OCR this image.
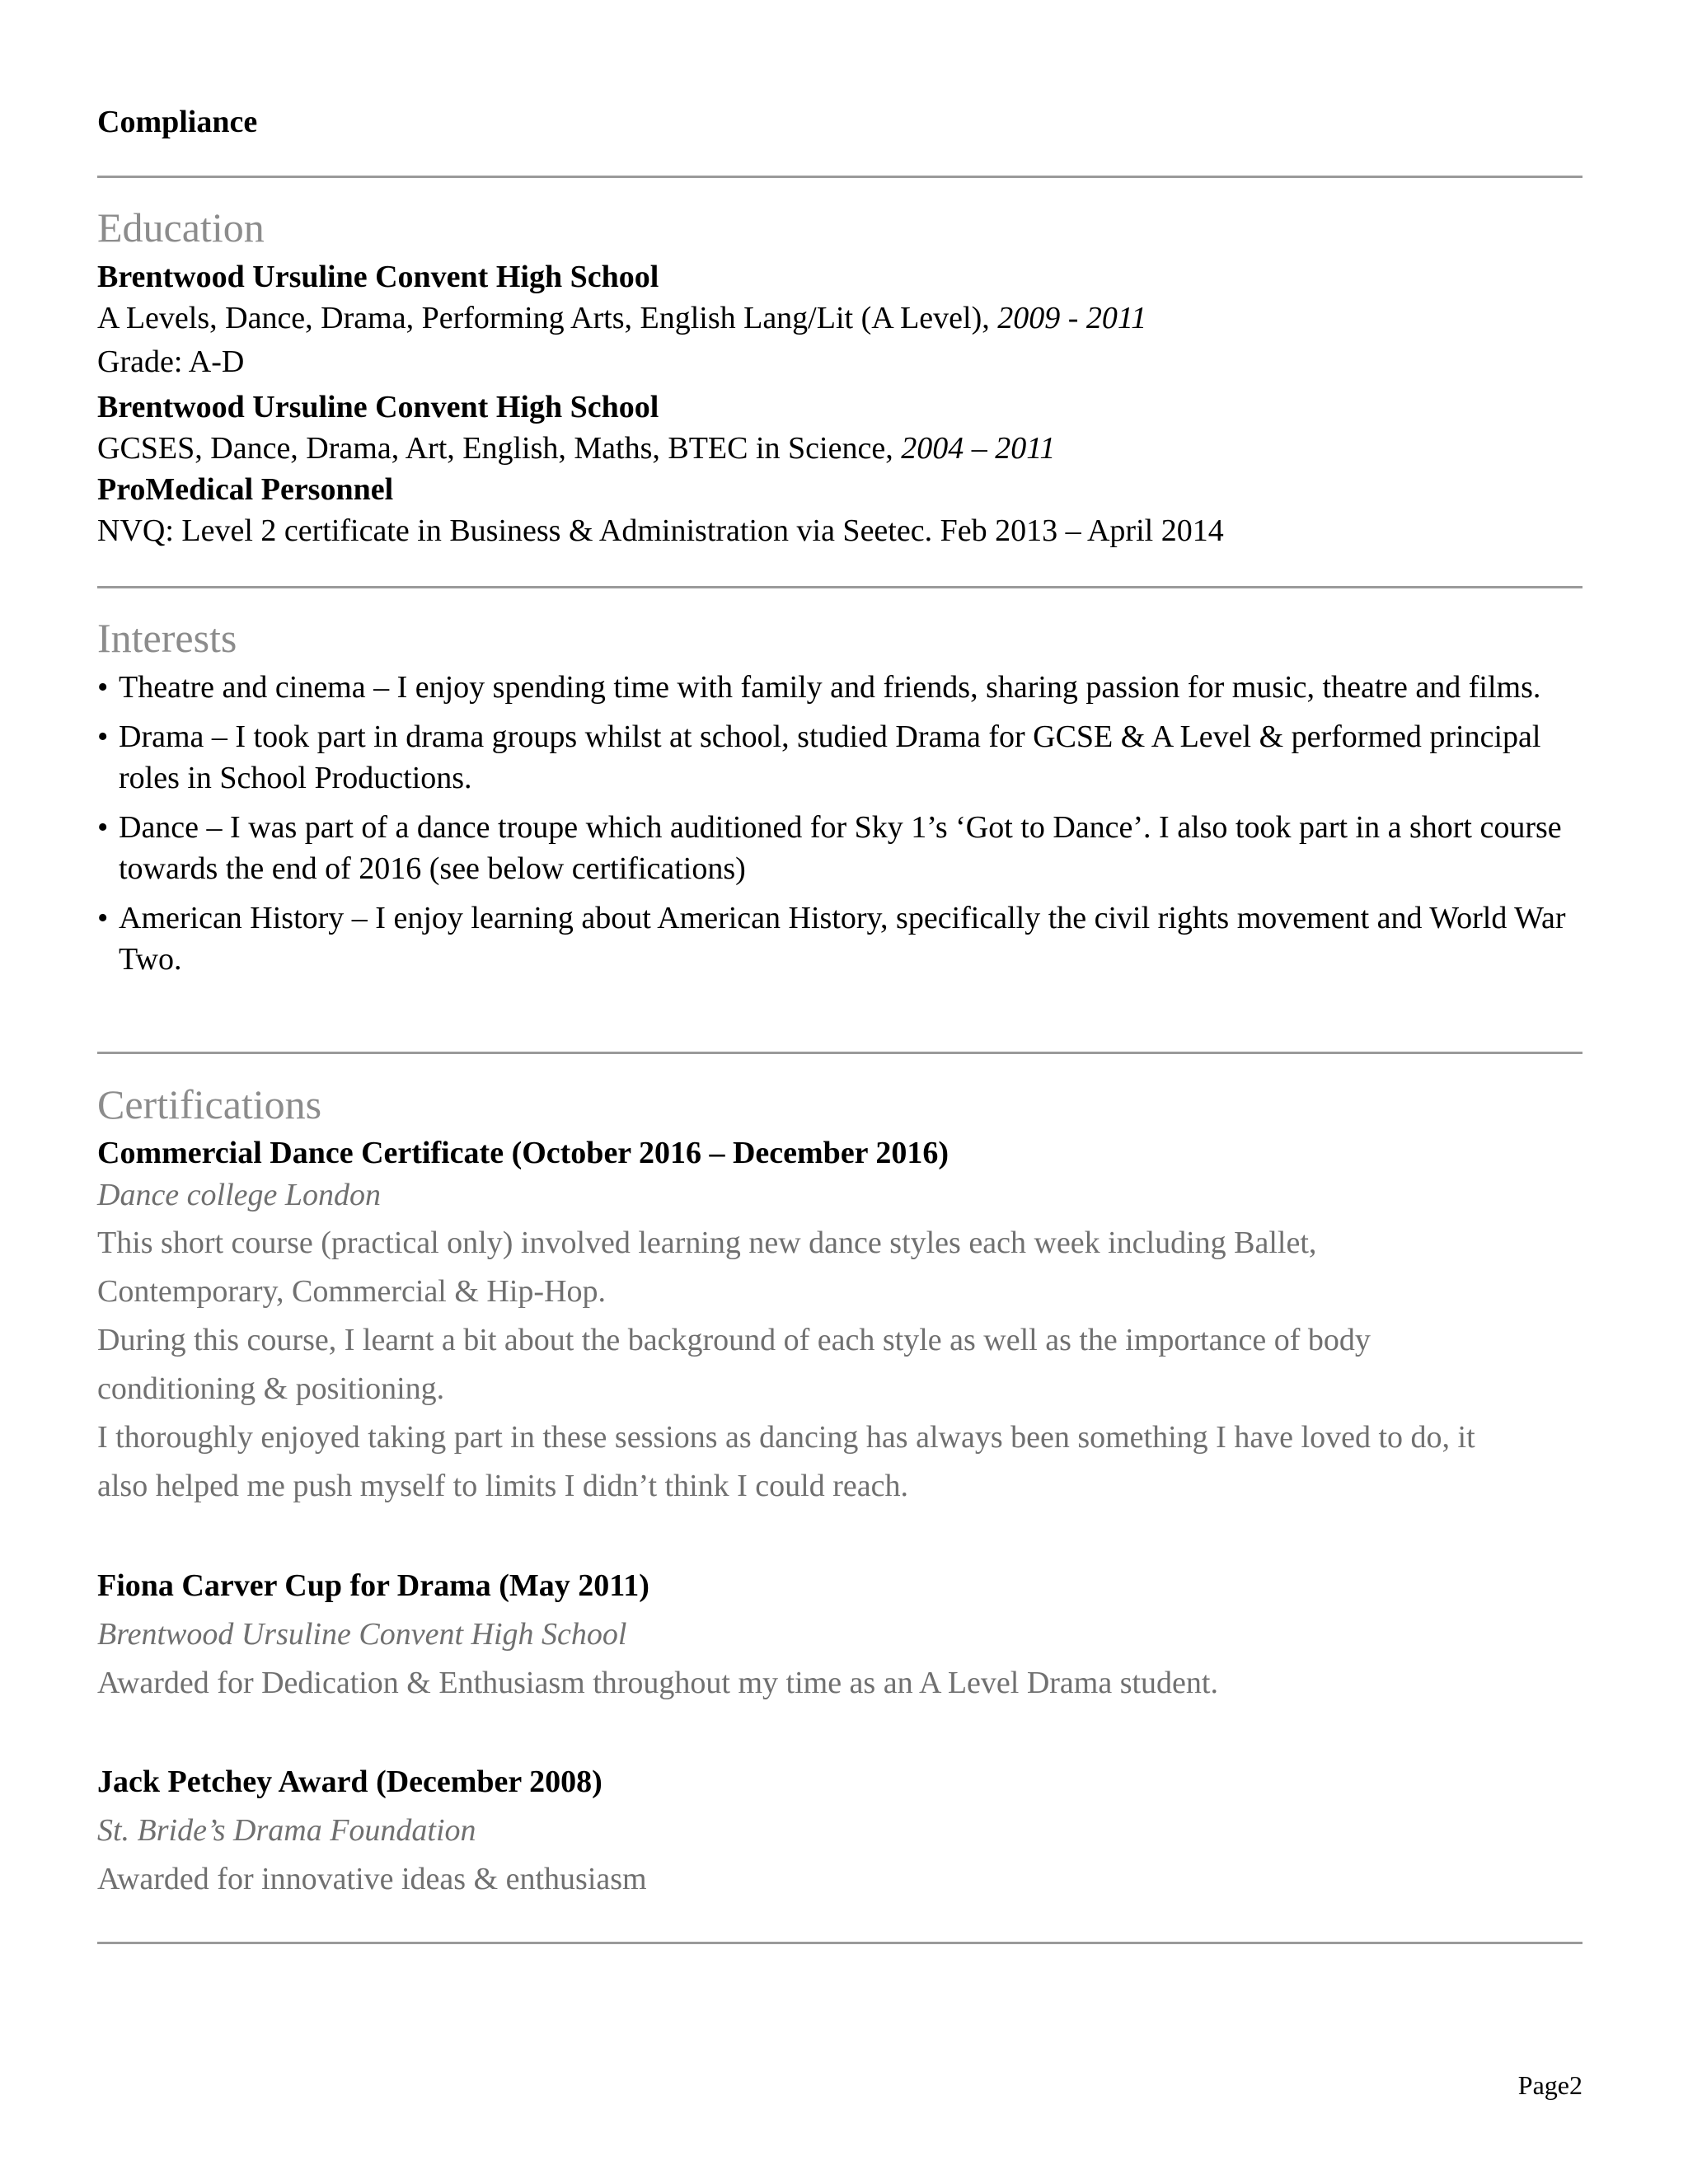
Compliance
Education
Brentwood Ursuline Convent High School
A Levels, Dance, Drama, Performing Arts, English Lang/Lit (A Level), 2009 - 2011
Grade: A-D
Brentwood Ursuline Convent High School
GCSES, Dance, Drama, Art, English, Maths, BTEC in Science, 2004 – 2011
ProMedical Personnel
NVQ: Level 2 certificate in Business & Administration via Seetec. Feb 2013 – April 2014
Interests
• Theatre and cinema – I enjoy spending time with family and friends, sharing passion for music, theatre and films.
• Drama – I took part in drama groups whilst at school, studied Drama for GCSE & A Level & performed principal roles in School Productions.
• Dance – I was part of a dance troupe which auditioned for Sky 1’s ‘Got to Dance’. I also took part in a short course towards the end of 2016 (see below certifications)
• American History – I enjoy learning about American History, specifically the civil rights movement and World War Two.
Certifications
Commercial Dance Certificate (October 2016 – December 2016)
Dance college London
This short course (practical only) involved learning new dance styles each week including Ballet,
Contemporary, Commercial & Hip-Hop.
During this course, I learnt a bit about the background of each style as well as the importance of body
conditioning & positioning.
I thoroughly enjoyed taking part in these sessions as dancing has always been something I have loved to do, it
also helped me push myself to limits I didn’t think I could reach.
Fiona Carver Cup for Drama (May 2011)
Brentwood Ursuline Convent High School
Awarded for Dedication & Enthusiasm throughout my time as an A Level Drama student.
Jack Petchey Award (December 2008)
St. Bride’s Drama Foundation
Awarded for innovative ideas & enthusiasm
Page2
